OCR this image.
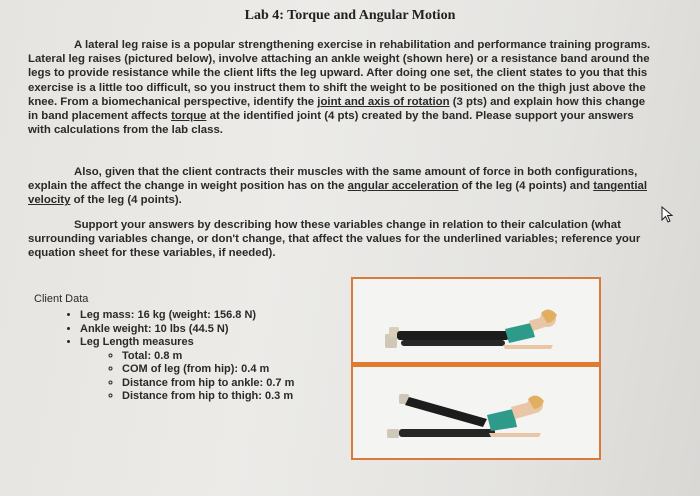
Lab 4: Torque and Angular Motion

A lateral leg raise is a popular strengthening exercise in rehabilitation and performance training programs. Lateral leg raises (pictured below), involve attaching an ankle weight (shown here) or a resistance band around the legs to provide resistance while the client lifts the leg upward. After doing one set, the client states to you that this exercise is a little too difficult, so you instruct them to shift the weight to be positioned on the thigh just above the knee. From a biomechanical perspective, identify the joint and axis of rotation (3 pts) and explain how this change in band placement affects torque at the identified joint (4 pts) created by the band. Please support your answers with calculations from the lab class.

Also, given that the client contracts their muscles with the same amount of force in both configurations, explain the affect the change in weight position has on the angular acceleration of the leg (4 points) and tangential velocity of the leg (4 points).

Support your answers by describing how these variables change in relation to their calculation (what surrounding variables change, or don't change, that affect the values for the underlined variables; reference your equation sheet for these variables, if needed).

Client Data
• Leg mass: 16 kg (weight: 156.8 N)
• Ankle weight: 10 lbs (44.5 N)
• Leg Length measures
◦ Total: 0.8 m
◦ COM of leg (from hip): 0.4 m
◦ Distance from hip to ankle: 0.7 m
◦ Distance from hip to thigh: 0.3 m
